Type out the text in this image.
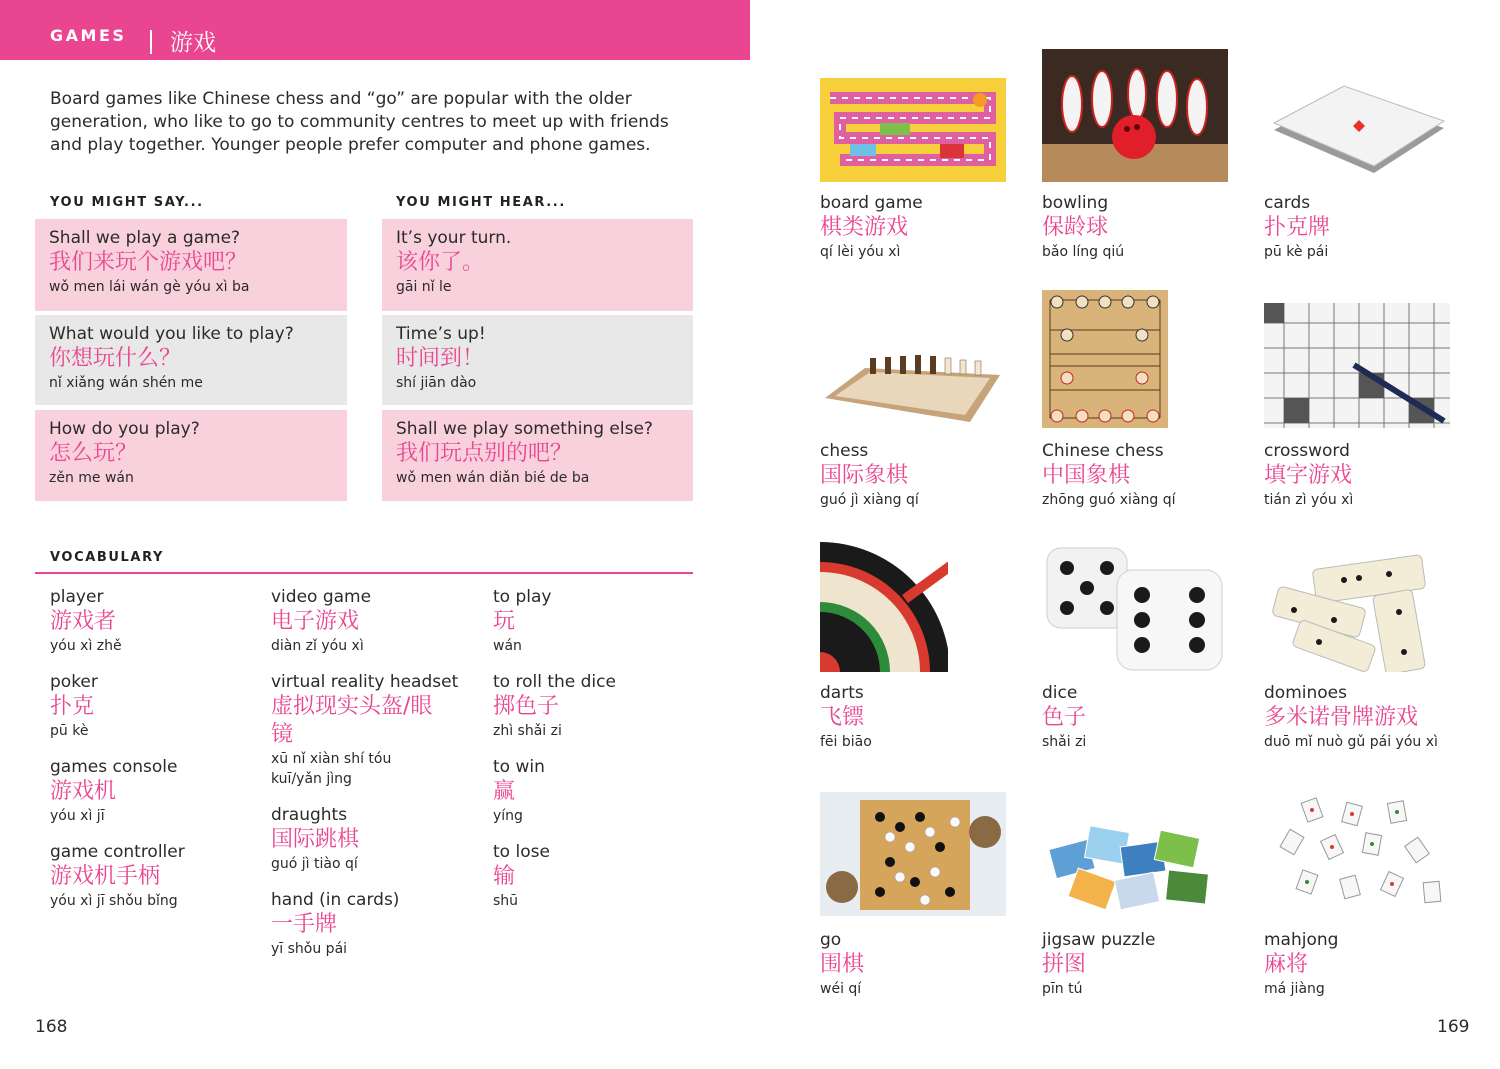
GAMES 游戏
Board games like Chinese chess and “go” are popular with the older generation, who like to go to community centres to meet up with friends and play together. Younger people prefer computer and phone games.
YOU MIGHT SAY...
Shall we play a game?
我们来玩个游戏吧？
wǒ men lái wán gè yóu xì ba
What would you like to play?
你想玩什么？
nǐ xiǎng wán shén me
How do you play?
怎么玩？
zěn me wán
YOU MIGHT HEAR...
It’s your turn.
该你了。
gāi nǐ le
Time’s up!
时间到！
shí jiān dào
Shall we play something else?
我们玩点别的吧？
wǒ men wán diǎn bié de ba
VOCABULARY
player
游戏者
yóu xì zhě
poker
扑克
pū kè
games console
游戏机
yóu xì jī
game controller
游戏机手柄
yóu xì jī shǒu bǐng
video game
电子游戏
diàn zǐ yóu xì
virtual reality headset
虚拟现实头盔/眼镜
xū nǐ xiàn shí tóu kuī/yǎn jìng
draughts
国际跳棋
guó jì tiào qí
hand (in cards)
一手牌
yī shǒu pái
to play
玩
wán
to roll the dice
掷色子
zhì shǎi zi
to win
赢
yíng
to lose
输
shū
168
board game
棋类游戏
qí lèi yóu xì
bowling
保龄球
bǎo líng qiú
cards
扑克牌
pū kè pái
chess
国际象棋
guó jì xiàng qí
Chinese chess
中国象棋
zhōng guó xiàng qí
crossword
填字游戏
tián zì yóu xì
darts
飞镖
fēi biāo
dice
色子
shǎi zi
dominoes
多米诺骨牌游戏
duō mǐ nuò gǔ pái yóu xì
go
围棋
wéi qí
jigsaw puzzle
拼图
pīn tú
mahjong
麻将
má jiàng
169
